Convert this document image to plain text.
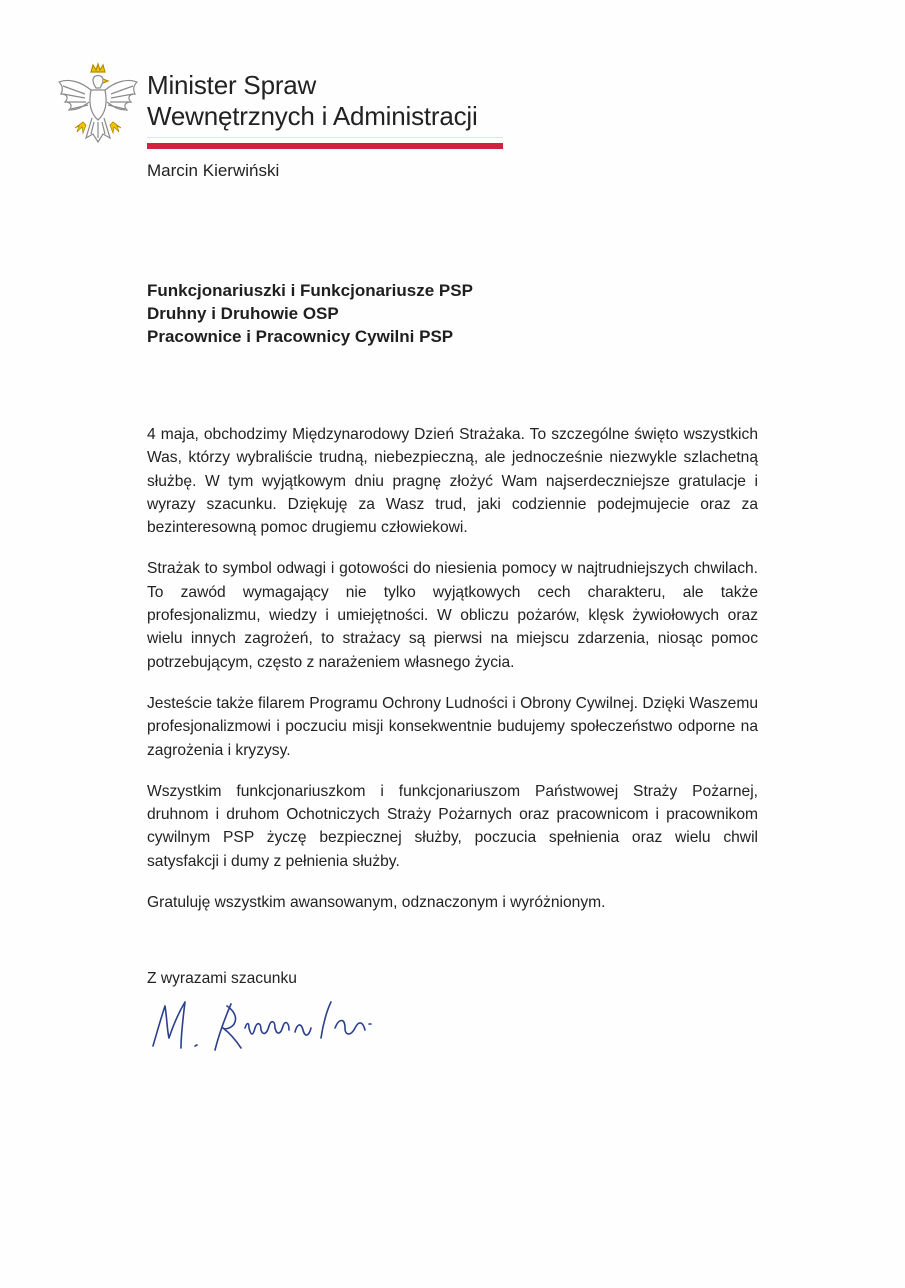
Minister Spraw
Wewnętrznych i Administracji
Marcin Kierwiński
Funkcjonariuszki i Funkcjonariusze PSP
Druhny i Druhowie OSP
Pracownice i Pracownicy Cywilni PSP

4 maja, obchodzimy Międzynarodowy Dzień Strażaka. To szczególne święto wszystkich Was, którzy wybraliście trudną, niebezpieczną, ale jednocześnie niezwykle szlachetną służbę. W tym wyjątkowym dniu pragnę złożyć Wam najserdeczniejsze gratulacje i wyrazy szacunku. Dziękuję za Wasz trud, jaki codziennie podejmujecie oraz za bezinteresowną pomoc drugiemu człowiekowi.

Strażak to symbol odwagi i gotowości do niesienia pomocy w najtrudniejszych chwilach. To zawód wymagający nie tylko wyjątkowych cech charakteru, ale także profesjonalizmu, wiedzy i umiejętności. W obliczu pożarów, klęsk żywiołowych oraz wielu innych zagrożeń, to strażacy są pierwsi na miejscu zdarzenia, niosąc pomoc potrzebującym, często z narażeniem własnego życia.

Jesteście także filarem Programu Ochrony Ludności i Obrony Cywilnej. Dzięki Waszemu profesjonalizmowi i poczuciu misji konsekwentnie budujemy społeczeństwo odporne na zagrożenia i kryzysy.

Wszystkim funkcjonariuszkom i funkcjonariuszom Państwowej Straży Pożarnej, druhnom i druhom Ochotniczych Straży Pożarnych oraz pracownicom i pracownikom cywilnym PSP życzę bezpiecznej służby, poczucia spełnienia oraz wielu chwil satysfakcji i dumy z pełnienia służby.

Gratuluję wszystkim awansowanym, odznaczonym i wyróżnionym.

Z wyrazami szacunku
